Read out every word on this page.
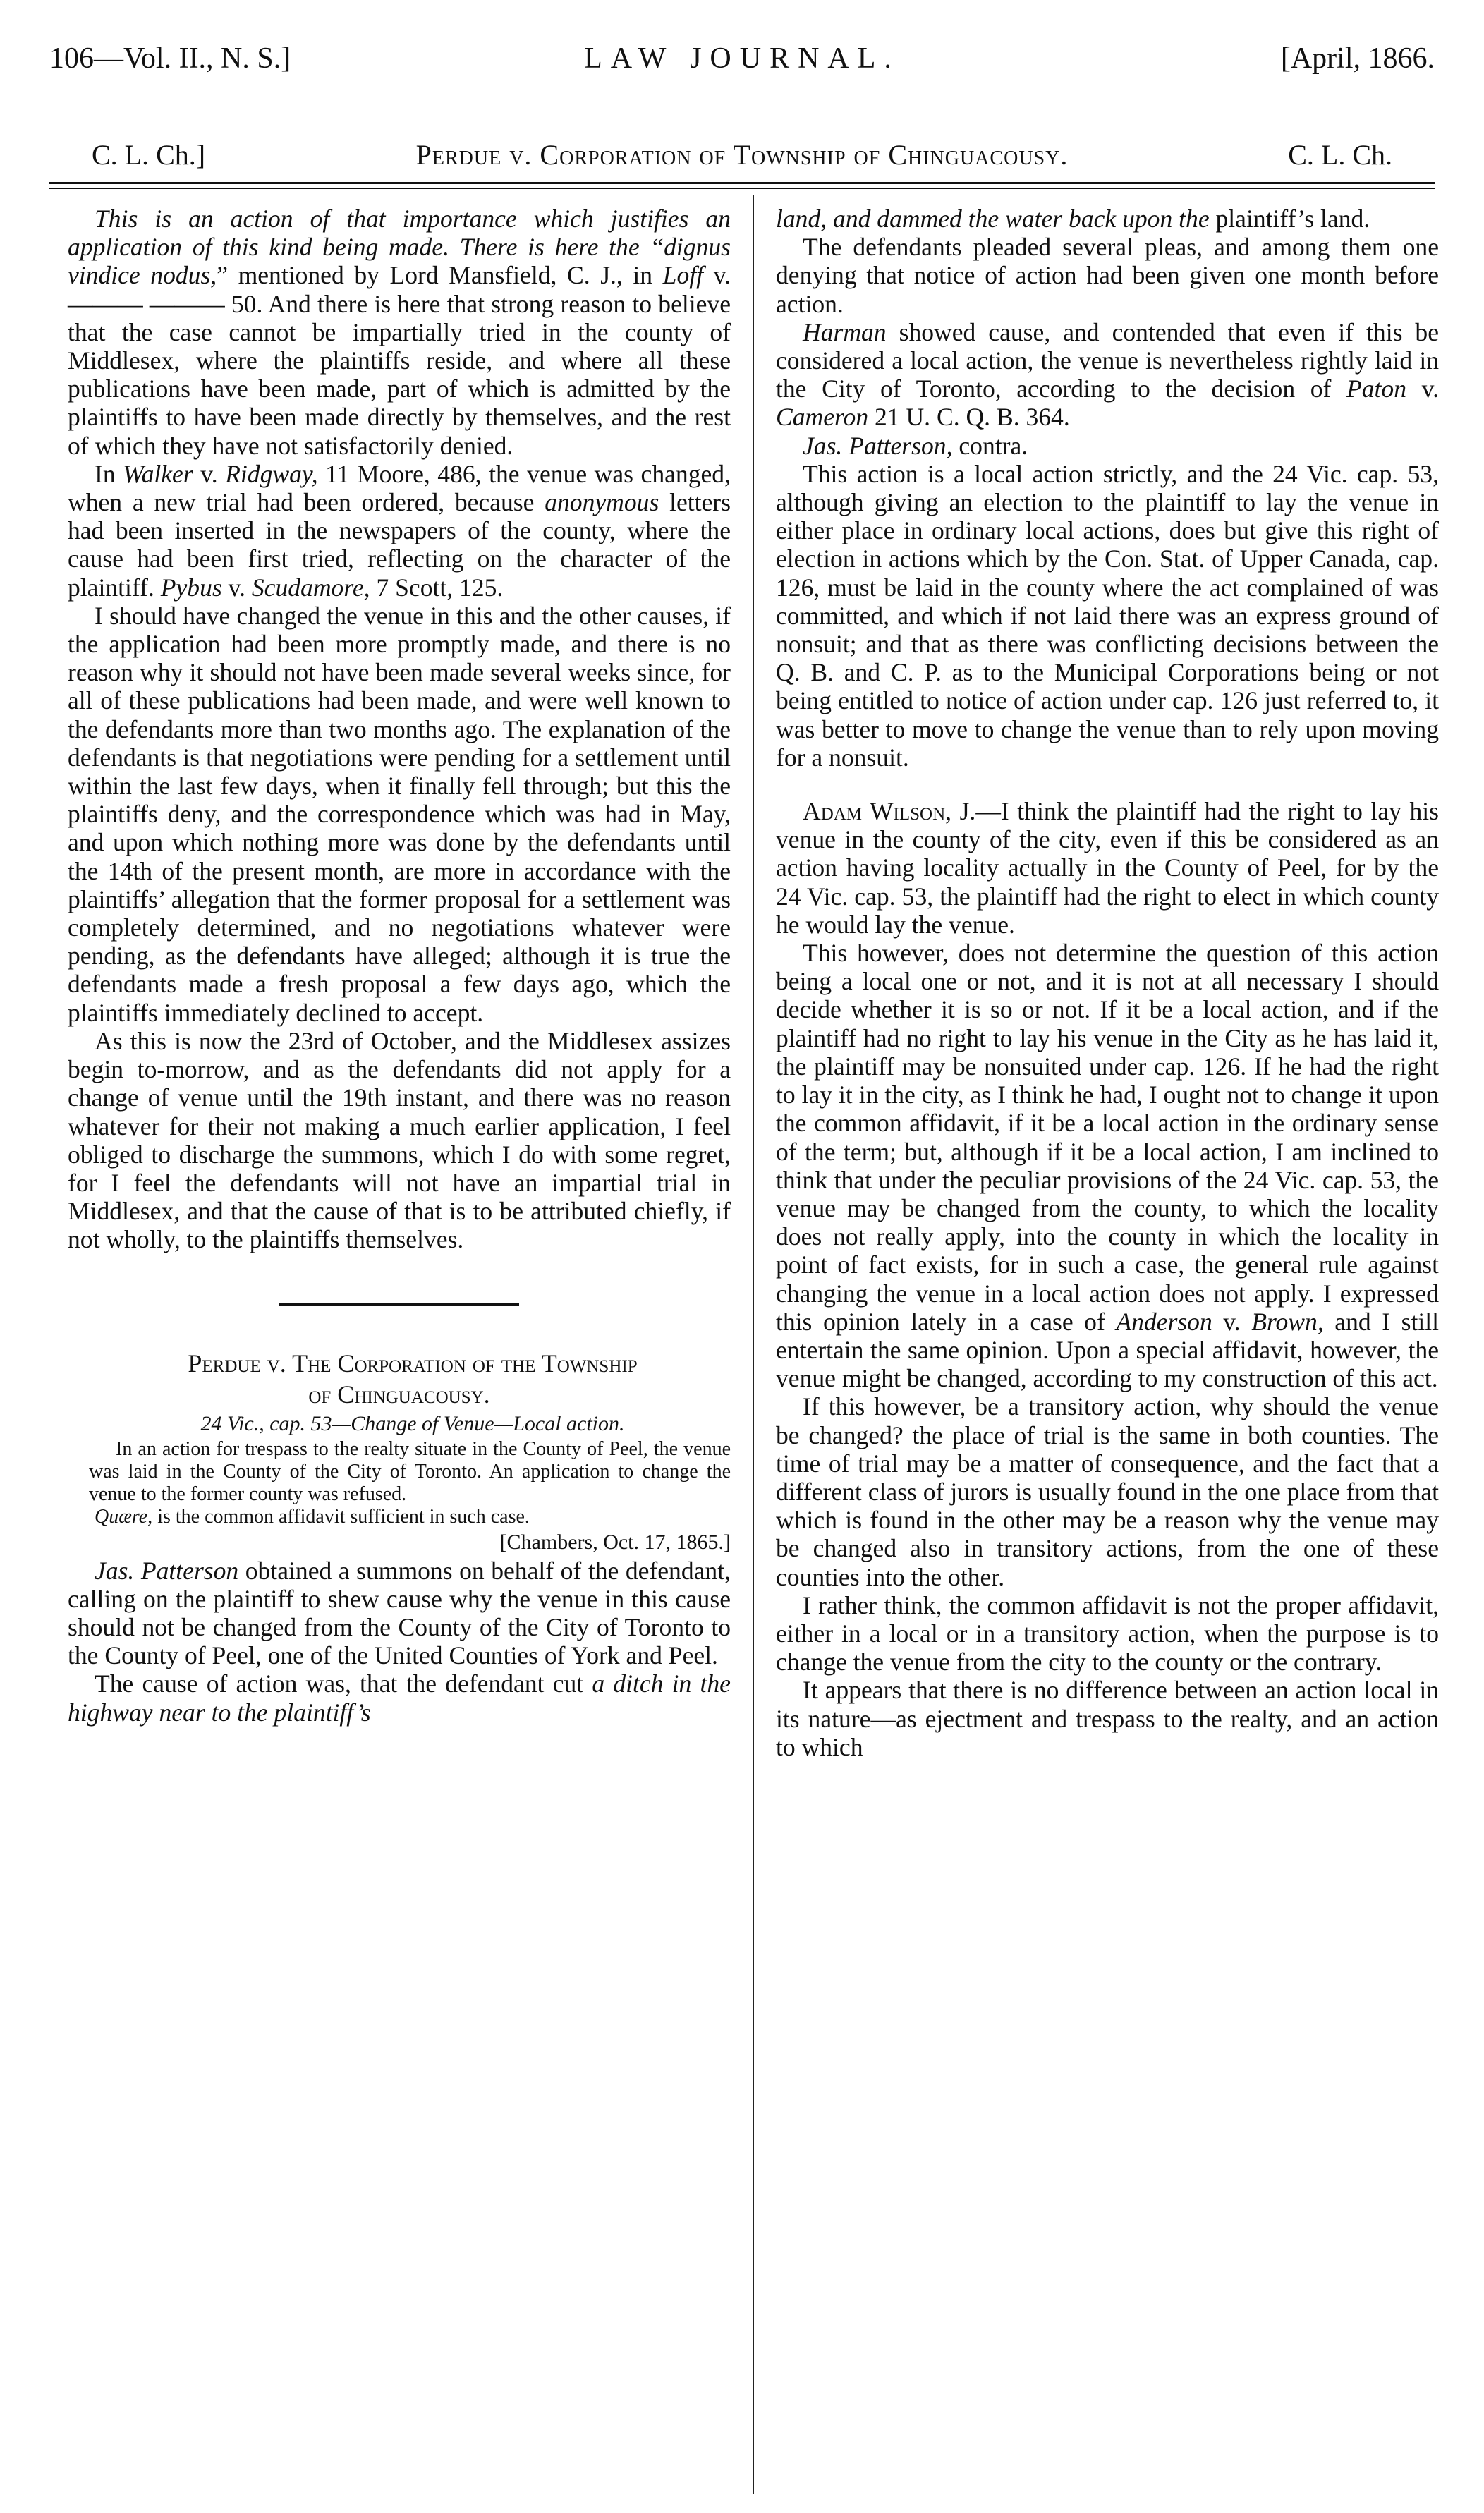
106—Vol. II., N. S.]	LAW JOURNAL.	[April, 1866.
C. L. Ch.]	Perdue v. Corporation of Township of Chinguacousy.	C. L. Ch.

This is an action of that importance which justifies an application of this kind being made. There is here the “dignus vindice nodus,” mentioned by Lord Mansfield, C. J., in Loff v. ——— ——— 50. And there is here that strong reason to believe that the case cannot be impartially tried in the county of Middlesex, where the plaintiffs reside, and where all these publications have been made, part of which is admitted by the plaintiffs to have been made directly by themselves, and the rest of which they have not satisfactorily denied.

In Walker v. Ridgway, 11 Moore, 486, the venue was changed, when a new trial had been ordered, because anonymous letters had been inserted in the newspapers of the county, where the cause had been first tried, reflecting on the character of the plaintiff. Pybus v. Scudamore, 7 Scott, 125.

I should have changed the venue in this and the other causes, if the application had been more promptly made, and there is no reason why it should not have been made several weeks since, for all of these publications had been made, and were well known to the defendants more than two months ago. The explanation of the defendants is that negotiations were pending for a settlement until within the last few days, when it finally fell through; but this the plaintiffs deny, and the correspondence which was had in May, and upon which nothing more was done by the defendants until the 14th of the present month, are more in accordance with the plaintiffs’ allegation that the former proposal for a settlement was completely determined, and no negotiations whatever were pending, as the defendants have alleged; although it is true the defendants made a fresh proposal a few days ago, which the plaintiffs immediately declined to accept.

As this is now the 23rd of October, and the Middlesex assizes begin to-morrow, and as the defendants did not apply for a change of venue until the 19th instant, and there was no reason whatever for their not making a much earlier application, I feel obliged to discharge the summons, which I do with some regret, for I feel the defendants will not have an impartial trial in Middlesex, and that the cause of that is to be attributed chiefly, if not wholly, to the plaintiffs themselves.

Perdue v. The Corporation of the Township
of Chinguacousy.

24 Vic., cap. 53—Change of Venue—Local action.

In an action for trespass to the realty situate in the County of Peel, the venue was laid in the County of the City of Toronto. An application to change the venue to the former county was refused.

Quære, is the common affidavit sufficient in such case.

[Chambers, Oct. 17, 1865.]

Jas. Patterson obtained a summons on behalf of the defendant, calling on the plaintiff to shew cause why the venue in this cause should not be changed from the County of the City of Toronto to the County of Peel, one of the United Counties of York and Peel.

The cause of action was, that the defendant cut a ditch in the highway near to the plaintiff’s

land, and dammed the water back upon the plaintiff’s land.

The defendants pleaded several pleas, and among them one denying that notice of action had been given one month before action.

Harman showed cause, and contended that even if this be considered a local action, the venue is nevertheless rightly laid in the City of Toronto, according to the decision of Paton v. Cameron 21 U. C. Q. B. 364.

Jas. Patterson, contra.

This action is a local action strictly, and the 24 Vic. cap. 53, although giving an election to the plaintiff to lay the venue in either place in ordinary local actions, does but give this right of election in actions which by the Con. Stat. of Upper Canada, cap. 126, must be laid in the county where the act complained of was committed, and which if not laid there was an express ground of nonsuit; and that as there was conflicting decisions between the Q. B. and C. P. as to the Municipal Corporations being or not being entitled to notice of action under cap. 126 just referred to, it was better to move to change the venue than to rely upon moving for a nonsuit.

Adam Wilson, J.—I think the plaintiff had the right to lay his venue in the county of the city, even if this be considered as an action having locality actually in the County of Peel, for by the 24 Vic. cap. 53, the plaintiff had the right to elect in which county he would lay the venue.

This however, does not determine the question of this action being a local one or not, and it is not at all necessary I should decide whether it is so or not. If it be a local action, and if the plaintiff had no right to lay his venue in the City as he has laid it, the plaintiff may be nonsuited under cap. 126. If he had the right to lay it in the city, as I think he had, I ought not to change it upon the common affidavit, if it be a local action in the ordinary sense of the term; but, although if it be a local action, I am inclined to think that under the peculiar provisions of the 24 Vic. cap. 53, the venue may be changed from the county, to which the locality does not really apply, into the county in which the locality in point of fact exists, for in such a case, the general rule against changing the venue in a local action does not apply. I expressed this opinion lately in a case of Anderson v. Brown, and I still entertain the same opinion. Upon a special affidavit, however, the venue might be changed, according to my construction of this act.

If this however, be a transitory action, why should the venue be changed? the place of trial is the same in both counties. The time of trial may be a matter of consequence, and the fact that a different class of jurors is usually found in the one place from that which is found in the other may be a reason why the venue may be changed also in transitory actions, from the one of these counties into the other.

I rather think, the common affidavit is not the proper affidavit, either in a local or in a transitory action, when the purpose is to change the venue from the city to the county or the contrary.

It appears that there is no difference between an action local in its nature—as ejectment and trespass to the realty, and an action to which
